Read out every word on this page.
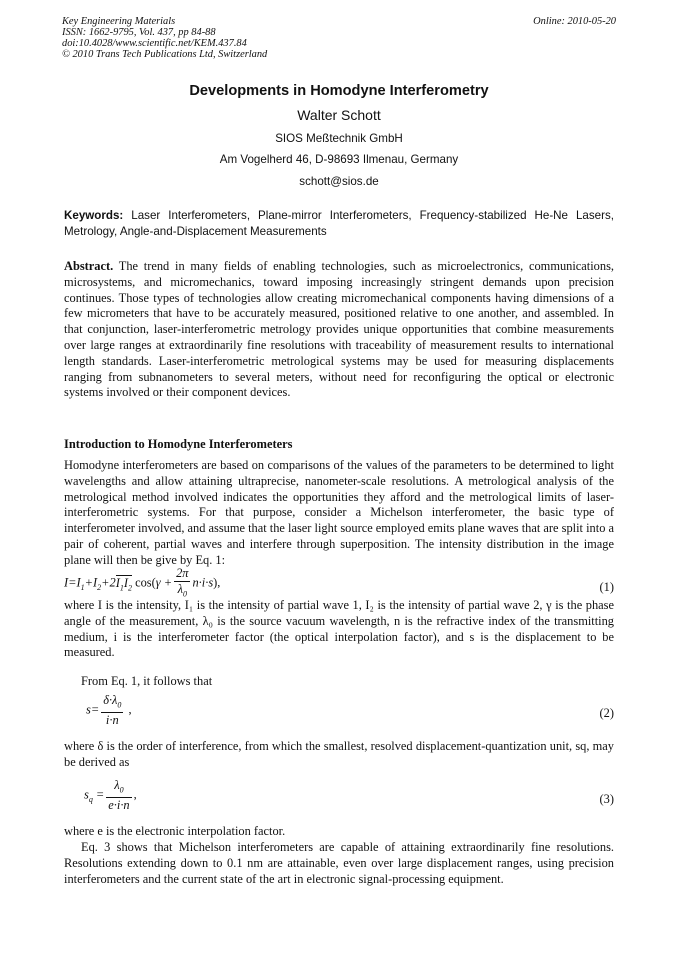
Key Engineering Materials
ISSN: 1662-9795, Vol. 437, pp 84-88
doi:10.4028/www.scientific.net/KEM.437.84
© 2010 Trans Tech Publications Ltd, Switzerland
Online: 2010-05-20
Developments in Homodyne Interferometry
Walter Schott
SIOS Meßtechnik GmbH
Am Vogelherd 46, D-98693 Ilmenau, Germany
schott@sios.de
Keywords: Laser Interferometers, Plane-mirror Interferometers, Frequency-stabilized He-Ne Lasers, Metrology, Angle-and-Displacement Measurements
Abstract. The trend in many fields of enabling technologies, such as microelectronics, communications, microsystems, and micromechanics, toward imposing increasingly stringent demands upon precision continues. Those types of technologies allow creating micromechanical components having dimensions of a few micrometers that have to be accurately measured, positioned relative to one another, and assembled. In that conjunction, laser-interferometric metrology provides unique opportunities that combine measurements over large ranges at extraordinarily fine resolutions with traceability of measurement results to international length standards. Laser-interferometric metrological systems may be used for measuring displacements ranging from subnanometers to several meters, without need for reconfiguring the optical or electronic systems involved or their component devices.
Introduction to Homodyne Interferometers
Homodyne interferometers are based on comparisons of the values of the parameters to be determined to light wavelengths and allow attaining ultraprecise, nanometer-scale resolutions. A metrological analysis of the metrological method involved indicates the opportunities they afford and the metrological limits of laser-interferometric systems. For that purpose, consider a Michelson interferometer, the basic type of interferometer involved, and assume that the laser light source employed emits plane waves that are split into a pair of coherent, partial waves and interfere through superposition. The intensity distribution in the image plane will then be give by Eq. 1:
$I=I_1+I_2+2I_1I_2$ $\cos(\gamma + \frac{2\pi}{\lambda_0} n\cdot i\cdot s)$,	(1)
where I is the intensity, I₁ is the intensity of partial wave 1, I₂ is the intensity of partial wave 2, γ is the phase angle of the measurement, λ₀ is the source vacuum wavelength, n is the refractive index of the transmitting medium, i is the interferometer factor (the optical interpolation factor), and s is the displacement to be measured.
From Eq. 1, it follows that
$s= \frac{\delta\cdot\lambda_0}{i\cdot n}$ ,	(2)
where δ is the order of interference, from which the smallest, resolved displacement-quantization unit, sq, may be derived as
$s_q = \frac{\lambda_0}{e\cdot i\cdot n}$ ,	(3)
where e is the electronic interpolation factor.
Eq. 3 shows that Michelson interferometers are capable of attaining extraordinarily fine resolutions. Resolutions extending down to 0.1 nm are attainable, even over large displacement ranges, using precision interferometers and the current state of the art in electronic signal-processing equipment.
